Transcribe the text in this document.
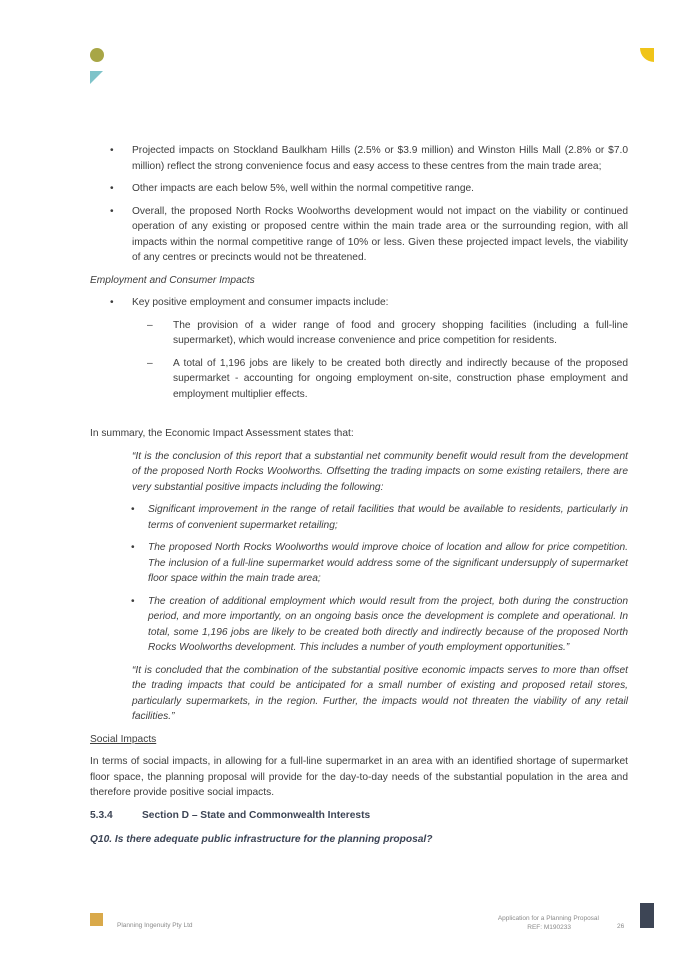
• Projected impacts on Stockland Baulkham Hills (2.5% or $3.9 million) and Winston Hills Mall (2.8% or $7.0 million) reflect the strong convenience focus and easy access to these centres from the main trade area;
• Other impacts are each below 5%, well within the normal competitive range.
• Overall, the proposed North Rocks Woolworths development would not impact on the viability or continued operation of any existing or proposed centre within the main trade area or the surrounding region, with all impacts within the normal competitive range of 10% or less. Given these projected impact levels, the viability of any centres or precincts would not be threatened.
Employment and Consumer Impacts
• Key positive employment and consumer impacts include:
– The provision of a wider range of food and grocery shopping facilities (including a full-line supermarket), which would increase convenience and price competition for residents.
– A total of 1,196 jobs are likely to be created both directly and indirectly because of the proposed supermarket - accounting for ongoing employment on-site, construction phase employment and employment multiplier effects.
In summary, the Economic Impact Assessment states that:
“It is the conclusion of this report that a substantial net community benefit would result from the development of the proposed North Rocks Woolworths. Offsetting the trading impacts on some existing retailers, there are very substantial positive impacts including the following:
• Significant improvement in the range of retail facilities that would be available to residents, particularly in terms of convenient supermarket retailing;
• The proposed North Rocks Woolworths would improve choice of location and allow for price competition. The inclusion of a full-line supermarket would address some of the significant undersupply of supermarket floor space within the main trade area;
• The creation of additional employment which would result from the project, both during the construction period, and more importantly, on an ongoing basis once the development is complete and operational. In total, some 1,196 jobs are likely to be created both directly and indirectly because of the proposed North Rocks Woolworths development. This includes a number of youth employment opportunities.”
“It is concluded that the combination of the substantial positive economic impacts serves to more than offset the trading impacts that could be anticipated for a small number of existing and proposed retail stores, particularly supermarkets, in the region. Further, the impacts would not threaten the viability of any retail facilities.”
Social Impacts
In terms of social impacts, in allowing for a full-line supermarket in an area with an identified shortage of supermarket floor space, the planning proposal will provide for the day-to-day needs of the substantial population in the area and therefore provide positive social impacts.
5.3.4	Section D – State and Commonwealth Interests
Q10. Is there adequate public infrastructure for the planning proposal?
Planning Ingenuity Pty Ltd
Application for a Planning Proposal
REF: M190233	26
